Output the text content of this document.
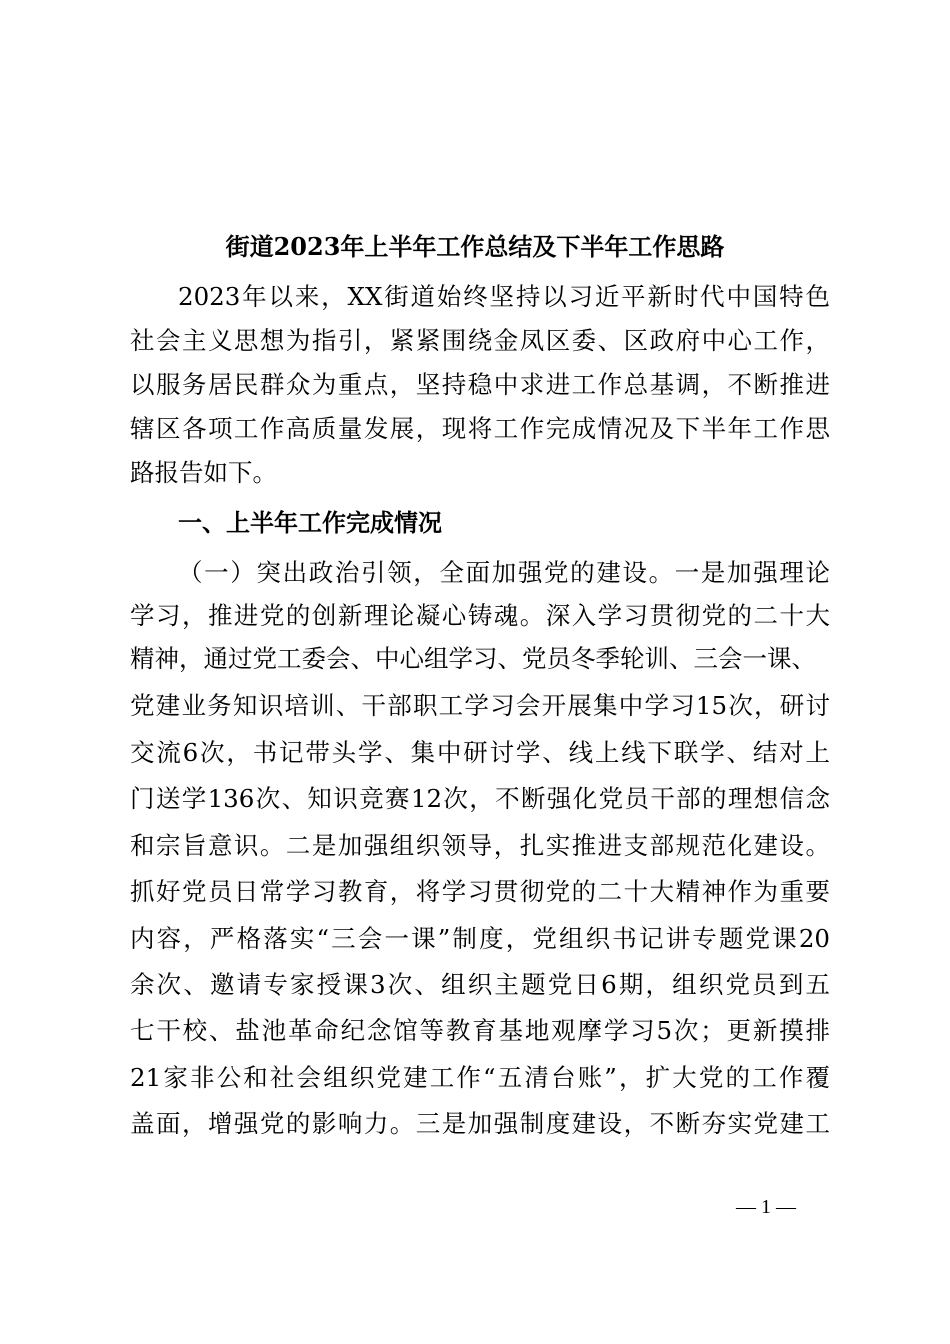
街道2023年上半年工作总结及下半年工作思路
2023年以来，XX街道始终坚持以习近平新时代中国特色
社会主义思想为指引，紧紧围绕金凤区委、区政府中心工作，
以服务居民群众为重点，坚持稳中求进工作总基调，不断推进
辖区各项工作高质量发展，现将工作完成情况及下半年工作思
路报告如下。
一、上半年工作完成情况
（一）突出政治引领，全面加强党的建设。一是加强理论
学习，推进党的创新理论凝心铸魂。深入学习贯彻党的二十大
精神，通过党工委会、中心组学习、党员冬季轮训、三会一课、
党建业务知识培训、干部职工学习会开展集中学习15次，研讨
交流6次，书记带头学、集中研讨学、线上线下联学、结对上
门送学136次、知识竞赛12次，不断强化党员干部的理想信念
和宗旨意识。二是加强组织领导，扎实推进支部规范化建设。
抓好党员日常学习教育，将学习贯彻党的二十大精神作为重要
内容，严格落实“三会一课”制度，党组织书记讲专题党课20
余次、邀请专家授课3次、组织主题党日6期，组织党员到五
七干校、盐池革命纪念馆等教育基地观摩学习5次；更新摸排
21家非公和社会组织党建工作“五清台账”，扩大党的工作覆
盖面，增强党的影响力。三是加强制度建设，不断夯实党建工
— 1 —
